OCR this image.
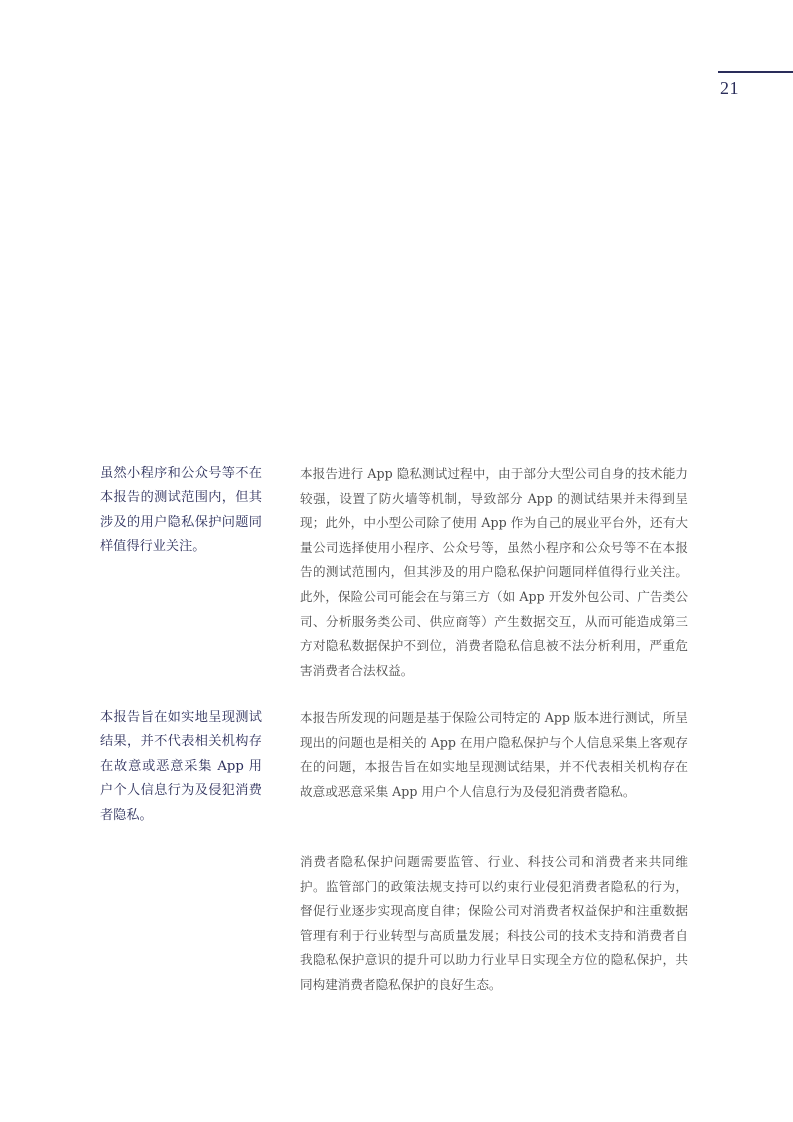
21

虽然小程序和公众号等不在本报告的测试范围内，但其涉及的用户隐私保护问题同样值得行业关注。

本报告进行 App 隐私测试过程中，由于部分大型公司自身的技术能力较强，设置了防火墙等机制，导致部分 App 的测试结果并未得到呈现；此外，中小型公司除了使用 App 作为自己的展业平台外，还有大量公司选择使用小程序、公众号等，虽然小程序和公众号等不在本报告的测试范围内，但其涉及的用户隐私保护问题同样值得行业关注。此外，保险公司可能会在与第三方（如 App 开发外包公司、广告类公司、分析服务类公司、供应商等）产生数据交互，从而可能造成第三方对隐私数据保护不到位，消费者隐私信息被不法分析利用，严重危害消费者合法权益。

本报告旨在如实地呈现测试结果，并不代表相关机构存在故意或恶意采集 App 用户个人信息行为及侵犯消费者隐私。

本报告所发现的问题是基于保险公司特定的 App 版本进行测试，所呈现出的问题也是相关的 App 在用户隐私保护与个人信息采集上客观存在的问题，本报告旨在如实地呈现测试结果，并不代表相关机构存在故意或恶意采集 App 用户个人信息行为及侵犯消费者隐私。

消费者隐私保护问题需要监管、行业、科技公司和消费者来共同维护。监管部门的政策法规支持可以约束行业侵犯消费者隐私的行为，督促行业逐步实现高度自律；保险公司对消费者权益保护和注重数据管理有利于行业转型与高质量发展；科技公司的技术支持和消费者自我隐私保护意识的提升可以助力行业早日实现全方位的隐私保护，共同构建消费者隐私保护的良好生态。
